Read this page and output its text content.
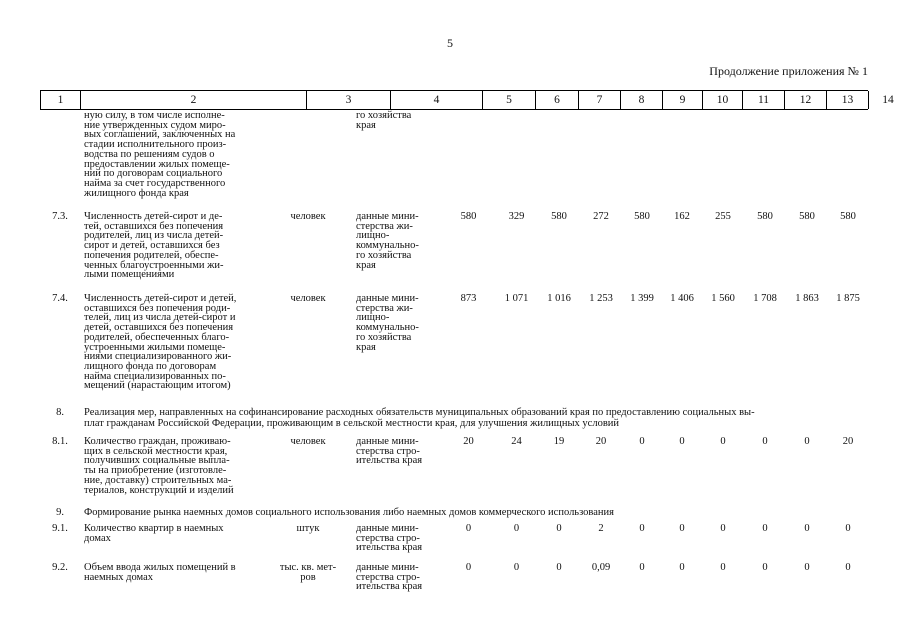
5
Продолжение приложения № 1
1	2	3	4	5	6	7	8	9	10	11	12	13	14
ную силу, в том числе исполне-
ние утвержденных судом миро-
вых соглашений, заключенных на
стадии исполнительного произ-
водства по решениям судов о
предоставлении жилых помеще-
ний по договорам социального
найма за счет государственного
жилищного фонда края
го хозяйства
края
7.3.	Численность детей-сирот и де-
тей, оставшихся без попечения
родителей, лиц из числа детей-
сирот и детей, оставшихся без
попечения родителей, обеспе-
ченных благоустроенными жи-
лыми помещениями
человек	данные мини-
стерства жи-
лищно-
коммунально-
го хозяйства
края
580	329	580	272	580	162	255	580	580	580
7.4.	Численность детей-сирот и детей,
оставшихся без попечения роди-
телей, лиц из числа детей-сирот и
детей, оставшихся без попечения
родителей, обеспеченных благо-
устроенными жилыми помеще-
ниями специализированного жи-
лищного фонда по договорам
найма специализированных по-
мещений (нарастающим итогом)
человек	данные мини-
стерства жи-
лищно-
коммунально-
го хозяйства
края
873	1 071	1 016	1 253	1 399	1 406	1 560	1 708	1 863	1 875
8.	Реализация мер, направленных на софинансирование расходных обязательств муниципальных образований края по предоставлению социальных вы-
плат гражданам Российской Федерации, проживающим в сельской местности края, для улучшения жилищных условий
8.1.	Количество граждан, проживаю-
щих в сельской местности края,
получивших социальные выпла-
ты на приобретение (изготовле-
ние, доставку) строительных ма-
териалов, конструкций и изделий
человек	данные мини-
стерства стро-
ительства края
20	24	19	20	0	0	0	0	0	20
9.	Формирование рынка наемных домов социального использования либо наемных домов коммерческого использования
9.1.	Количество квартир в наемных
домах
штук	данные мини-
стерства стро-
ительства края
0	0	0	2	0	0	0	0	0	0
9.2.	Объем ввода жилых помещений в
наемных домах
тыс. кв. мет-
ров
данные мини-
стерства стро-
ительства края
0	0	0	0,09	0	0	0	0	0	0
